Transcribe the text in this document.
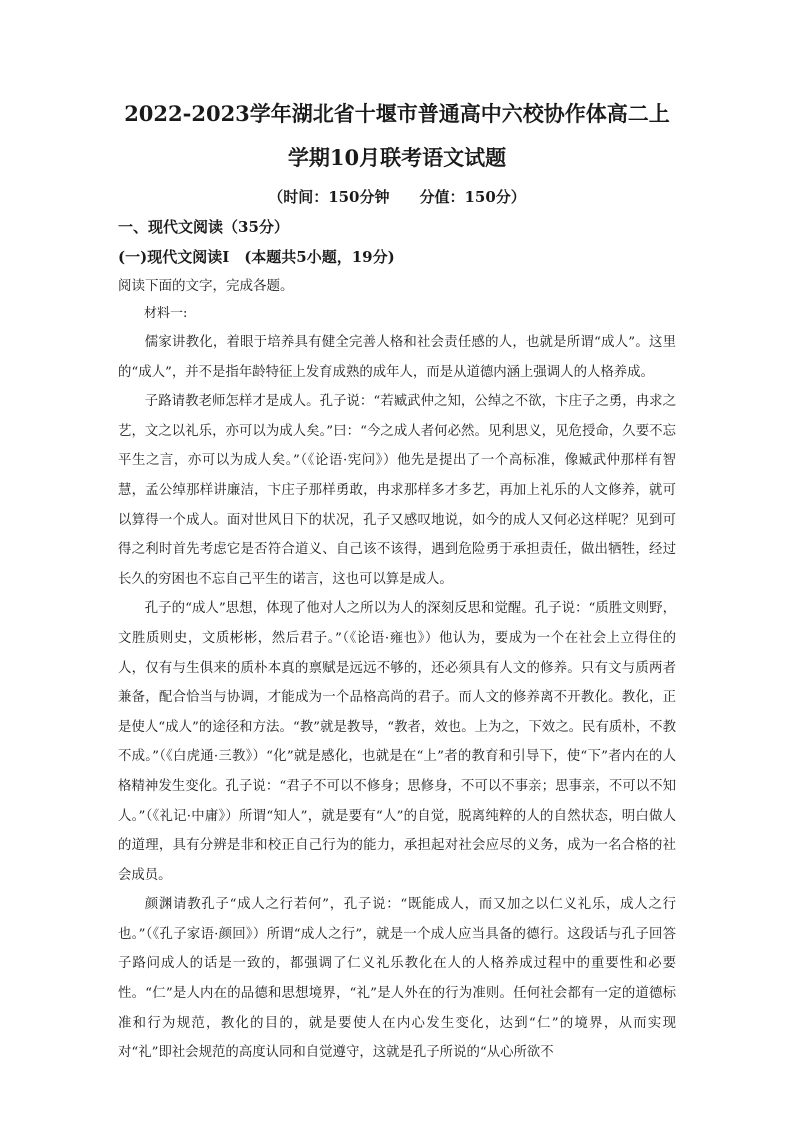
2022-2023学年湖北省十堰市普通高中六校协作体高二上学期10月联考语文试题

（时间：150分钟　　分值：150分）

一、现代文阅读（35分）

(一)现代文阅读Ⅰ　(本题共5小题，19分)

阅读下面的文字，完成各题。

材料一:

儒家讲教化，着眼于培养具有健全完善人格和社会责任感的人，也就是所谓“成人”。这里的“成人”，并不是指年龄特征上发育成熟的成年人，而是从道德内涵上强调人的人格养成。

子路请教老师怎样才是成人。孔子说：“若臧武仲之知，公绰之不欲，卞庄子之勇，冉求之艺，文之以礼乐，亦可以为成人矣。”曰：“今之成人者何必然。见利思义，见危授命，久要不忘平生之言，亦可以为成人矣。”（《论语·宪问》）他先是提出了一个高标准，像臧武仲那样有智慧，孟公绰那样讲廉洁，卞庄子那样勇敢，冉求那样多才多艺，再加上礼乐的人文修养，就可以算得一个成人。面对世风日下的状况，孔子又感叹地说，如今的成人又何必这样呢？见到可得之利时首先考虑它是否符合道义、自己该不该得，遇到危险勇于承担责任，做出牺牲，经过长久的穷困也不忘自己平生的诺言，这也可以算是成人。

孔子的“成人”思想，体现了他对人之所以为人的深刻反思和觉醒。孔子说：“质胜文则野，文胜质则史，文质彬彬，然后君子。”（《论语·雍也》）他认为，要成为一个在社会上立得住的人，仅有与生俱来的质朴本真的禀赋是远远不够的，还必须具有人文的修养。只有文与质两者兼备，配合恰当与协调，才能成为一个品格高尚的君子。而人文的修养离不开教化。教化，正是使人“成人”的途径和方法。“教”就是教导，“教者，效也。上为之，下效之。民有质朴，不教不成。”（《白虎通·三教》）“化”就是感化，也就是在“上”者的教育和引导下，使“下”者内在的人格精神发生变化。孔子说：“君子不可以不修身；思修身，不可以不事亲；思事亲，不可以不知人。”（《礼记·中庸》）所谓“知人”，就是要有“人”的自觉，脱离纯粹的人的自然状态，明白做人的道理，具有分辨是非和校正自己行为的能力，承担起对社会应尽的义务，成为一名合格的社会成员。

颜渊请教孔子“成人之行若何”，孔子说：“既能成人，而又加之以仁义礼乐，成人之行也。”（《孔子家语·颜回》）所谓“成人之行”，就是一个成人应当具备的德行。这段话与孔子回答子路问成人的话是一致的，都强调了仁义礼乐教化在人的人格养成过程中的重要性和必要性。“仁”是人内在的品德和思想境界，“礼”是人外在的行为准则。任何社会都有一定的道德标准和行为规范，教化的目的，就是要使人在内心发生变化，达到“仁”的境界，从而实现对“礼”即社会规范的高度认同和自觉遵守，这就是孔子所说的“从心所欲不
